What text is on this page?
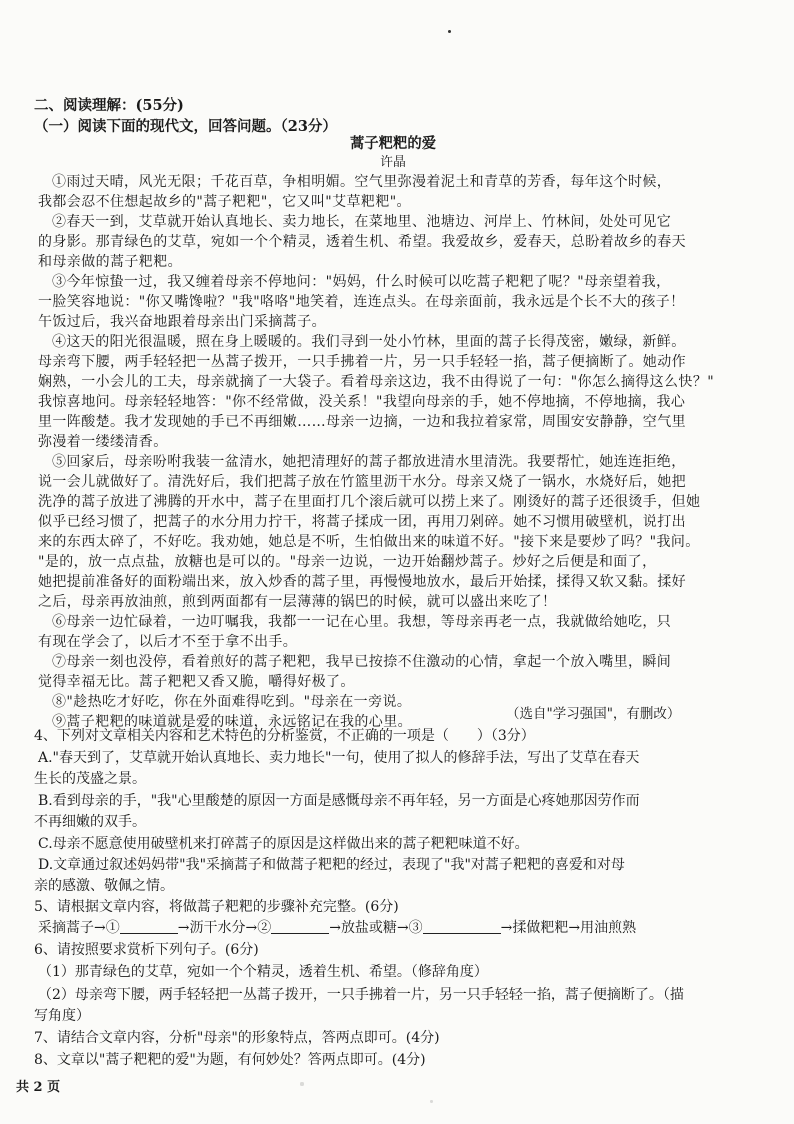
二、阅读理解：(55分)
（一）阅读下面的现代文，回答问题。（23分）
蒿子粑粑的爱
许晶
①雨过天晴，风光无限；千花百草，争相明媚。空气里弥漫着泥土和青草的芳香，每年这个时候，
我都会忍不住想起故乡的"蒿子粑粑"，它又叫"艾草粑粑"。
②春天一到，艾草就开始认真地长、卖力地长，在菜地里、池塘边、河岸上、竹林间，处处可见它
的身影。那青绿色的艾草，宛如一个个精灵，透着生机、希望。我爱故乡，爱春天，总盼着故乡的春天
和母亲做的蒿子粑粑。
③今年惊蛰一过，我又缠着母亲不停地问："妈妈，什么时候可以吃蒿子粑粑了呢？"母亲望着我，
一脸笑容地说："你又嘴馋啦？"我"咯咯"地笑着，连连点头。在母亲面前，我永远是个长不大的孩子！
午饭过后，我兴奋地跟着母亲出门采摘蒿子。
④这天的阳光很温暖，照在身上暖暖的。我们寻到一处小竹林，里面的蒿子长得茂密，嫩绿，新鲜。
母亲弯下腰，两手轻轻把一丛蒿子拨开，一只手拂着一片，另一只手轻轻一掐，蒿子便摘断了。她动作
娴熟，一小会儿的工夫，母亲就摘了一大袋子。看着母亲这边，我不由得说了一句："你怎么摘得这么快？"
我惊喜地问。母亲轻轻地答："你不经常做，没关系！"我望向母亲的手，她不停地摘，不停地摘，我心
里一阵酸楚。我才发现她的手已不再细嫩……母亲一边摘，一边和我拉着家常，周围安安静静，空气里
弥漫着一缕缕清香。
⑤回家后，母亲吩咐我装一盆清水，她把清理好的蒿子都放进清水里清洗。我要帮忙，她连连拒绝，
说一会儿就做好了。清洗好后，我们把蒿子放在竹篮里沥干水分。母亲又烧了一锅水，水烧好后，她把
洗净的蒿子放进了沸腾的开水中，蒿子在里面打几个滚后就可以捞上来了。刚烫好的蒿子还很烫手，但她
似乎已经习惯了，把蒿子的水分用力拧干，将蒿子揉成一团，再用刀剁碎。她不习惯用破壁机，说打出
来的东西太碎了，不好吃。我劝她，她总是不听，生怕做出来的味道不好。"接下来是要炒了吗？"我问。
"是的，放一点点盐，放糖也是可以的。"母亲一边说，一边开始翻炒蒿子。炒好之后便是和面了，
她把提前准备好的面粉端出来，放入炒香的蒿子里，再慢慢地放水，最后开始揉，揉得又软又黏。揉好
之后，母亲再放油煎，煎到两面都有一层薄薄的锅巴的时候，就可以盛出来吃了！
⑥母亲一边忙碌着，一边叮嘱我，我都一一记在心里。我想，等母亲再老一点，我就做给她吃，只
有现在学会了，以后才不至于拿不出手。
⑦母亲一刻也没停，看着煎好的蒿子粑粑，我早已按捺不住激动的心情，拿起一个放入嘴里，瞬间
觉得幸福无比。蒿子粑粑又香又脆，嚼得好极了。
⑧"趁热吃才好吃，你在外面难得吃到。"母亲在一旁说。
⑨蒿子粑粑的味道就是爱的味道，永远铭记在我的心里。	（选自"学习强国"，有删改）
4、下列对文章相关内容和艺术特色的分析鉴赏，不正确的一项是（　　）（3分）
A."春天到了，艾草就开始认真地长、卖力地长"一句，使用了拟人的修辞手法，写出了艾草在春天
生长的茂盛之景。
B.看到母亲的手，"我"心里酸楚的原因一方面是感慨母亲不再年轻，另一方面是心疼她那因劳作而
不再细嫩的双手。
C.母亲不愿意使用破壁机来打碎蒿子的原因是这样做出来的蒿子粑粑味道不好。
D.文章通过叙述妈妈带"我"采摘蒿子和做蒿子粑粑的经过，表现了"我"对蒿子粑粑的喜爱和对母
亲的感激、敬佩之情。
5、请根据文章内容，将做蒿子粑粑的步骤补充完整。(6分)
采摘蒿子→①	→沥干水分→②	→放盐或糖→③	→揉做粑粑→用油煎熟
6、请按照要求赏析下列句子。(6分)
（1）那青绿色的艾草，宛如一个个精灵，透着生机、希望。（修辞角度）
（2）母亲弯下腰，两手轻轻把一丛蒿子拨开，一只手拂着一片，另一只手轻轻一掐，蒿子便摘断了。（描
写角度）
7、请结合文章内容，分析"母亲"的形象特点，答两点即可。(4分)
8、文章以"蒿子粑粑的爱"为题，有何妙处？答两点即可。(4分)
共 2 页
